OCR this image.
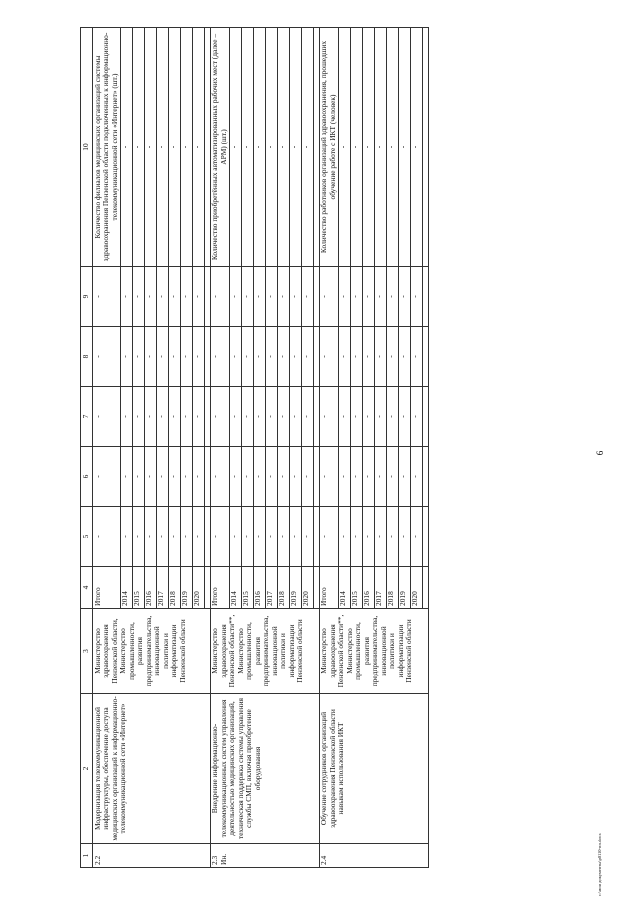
6
c:\мои документы\р0110-пп.docx
1	2	3	4	5	6	7	8	9	10

2.2	Модернизация телекоммуникационной инфраструктуры, обеспечение доступа медицинских организаций к информационно-телекоммуникационной сети «Интернет»	Министерство здравоохранения Пензенской области, Министерство промышленности, развития предпринимательства, инновационной политики и информатизации Пензенской области	Итого	-	-	-	-	-	Количество филиалов медицинских организаций системы здравоохранения Пензенской области подключенных к информационно-телекоммуникационной сети «Интернет» (шт.)
			2014	-	-	-	-	-	-
			2015	-	-	-	-	-	-
			2016	-	-	-	-	-	-
			2017	-	-	-	-	-	-
			2018	-	-	-	-	-	-
			2019	-	-	-	-	-	-
			2020	-	-	-	-	-	-

2.3 Ин.	Внедрение информационно-телекоммуникационных систем управления деятельностью медицинских организаций, техническая поддержка системы управления службы СМП, включая приобретение оборудования	Министерство здравоохранения Пензенской области**, Министерство промышленности, развития предпринимательства, инновационной политики и информатизации Пензенской области	Итого	-	-	-	-	-	Количество приобретённых автоматизированных рабочих мест (далее – АРМ) (шт.)
			2014	-	-	-	-	-	-
			2015	-	-	-	-	-	-
			2016	-	-	-	-	-	-
			2017	-	-	-	-	-	-
			2018	-	-	-	-	-	-
			2019	-	-	-	-	-	-
			2020	-	-	-	-	-	-

2.4	Обучение сотрудников организаций здравоохранения Пензенской области навыкам использования ИКТ	Министерство здравоохранения Пензенской области**, Министерство промышленности, развития предпринимательства, инновационной политики и информатизации Пензенской области	Итого	-	-	-	-	-	Количество работников организаций здравоохранения, прошедших обучение работе с ИКТ (человек)
			2014	-	-	-	-	-	-
			2015	-	-	-	-	-	-
			2016	-	-	-	-	-	-
			2017	-	-	-	-	-	-
			2018	-	-	-	-	-	-
			2019	-	-	-	-	-	-
			2020	-	-	-	-	-	-
